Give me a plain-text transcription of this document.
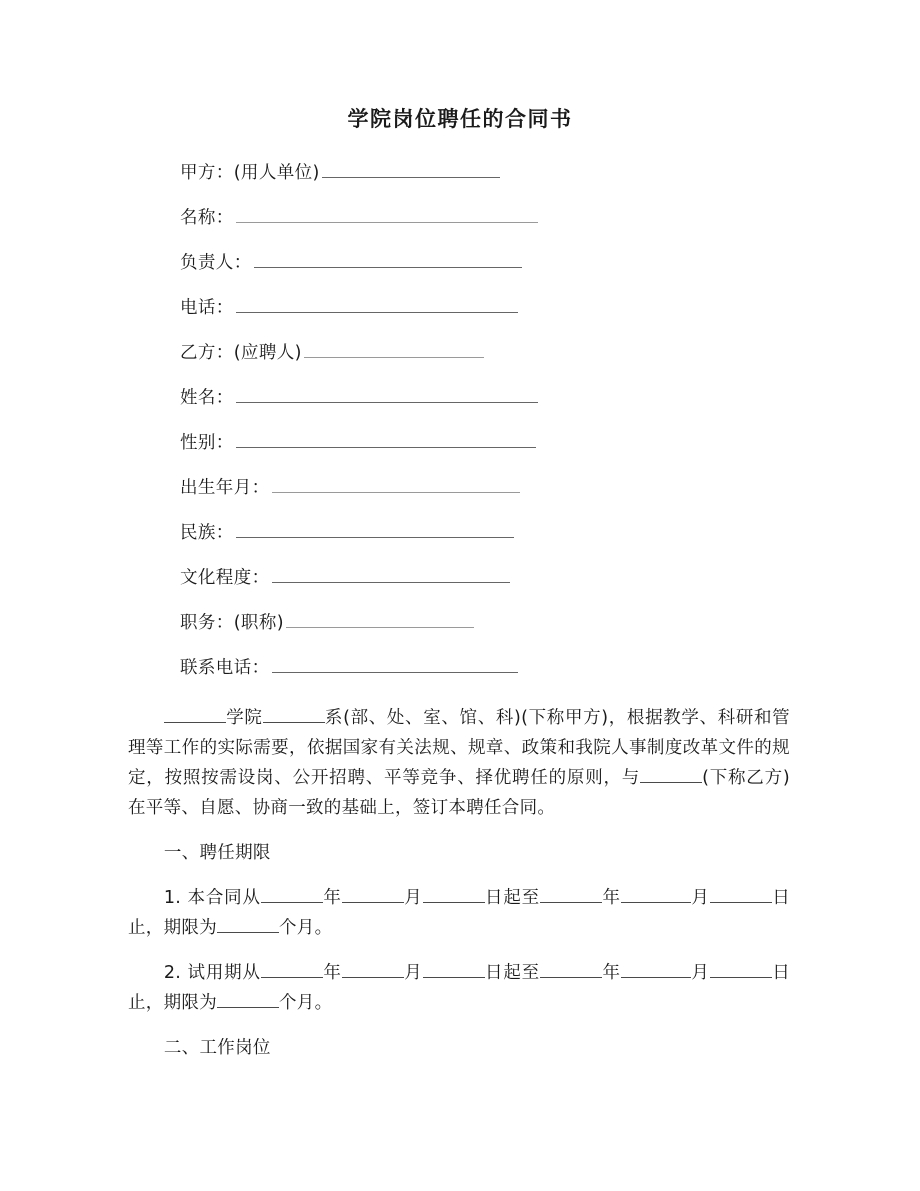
学院岗位聘任的合同书
甲方：(用人单位)
名称：
负责人：
电话：
乙方：(应聘人)
姓名：
性别：
出生年月：
民族：
文化程度：
职务：(职称)
联系电话：
学院	系(部、处、室、馆、科)(下称甲方)，根据教学、科研和管理等工作的实际需要，依据国家有关法规、规章、政策和我院人事制度改革文件的规定，按照按需设岗、公开招聘、平等竞争、择优聘任的原则，与	(下称乙方)在平等、自愿、协商一致的基础上，签订本聘任合同。
一、聘任期限
1. 本合同从	年	月	日起至	年	月	日止，期限为	个月。
2. 试用期从	年	月	日起至	年	月	日止，期限为	个月。
二、工作岗位
